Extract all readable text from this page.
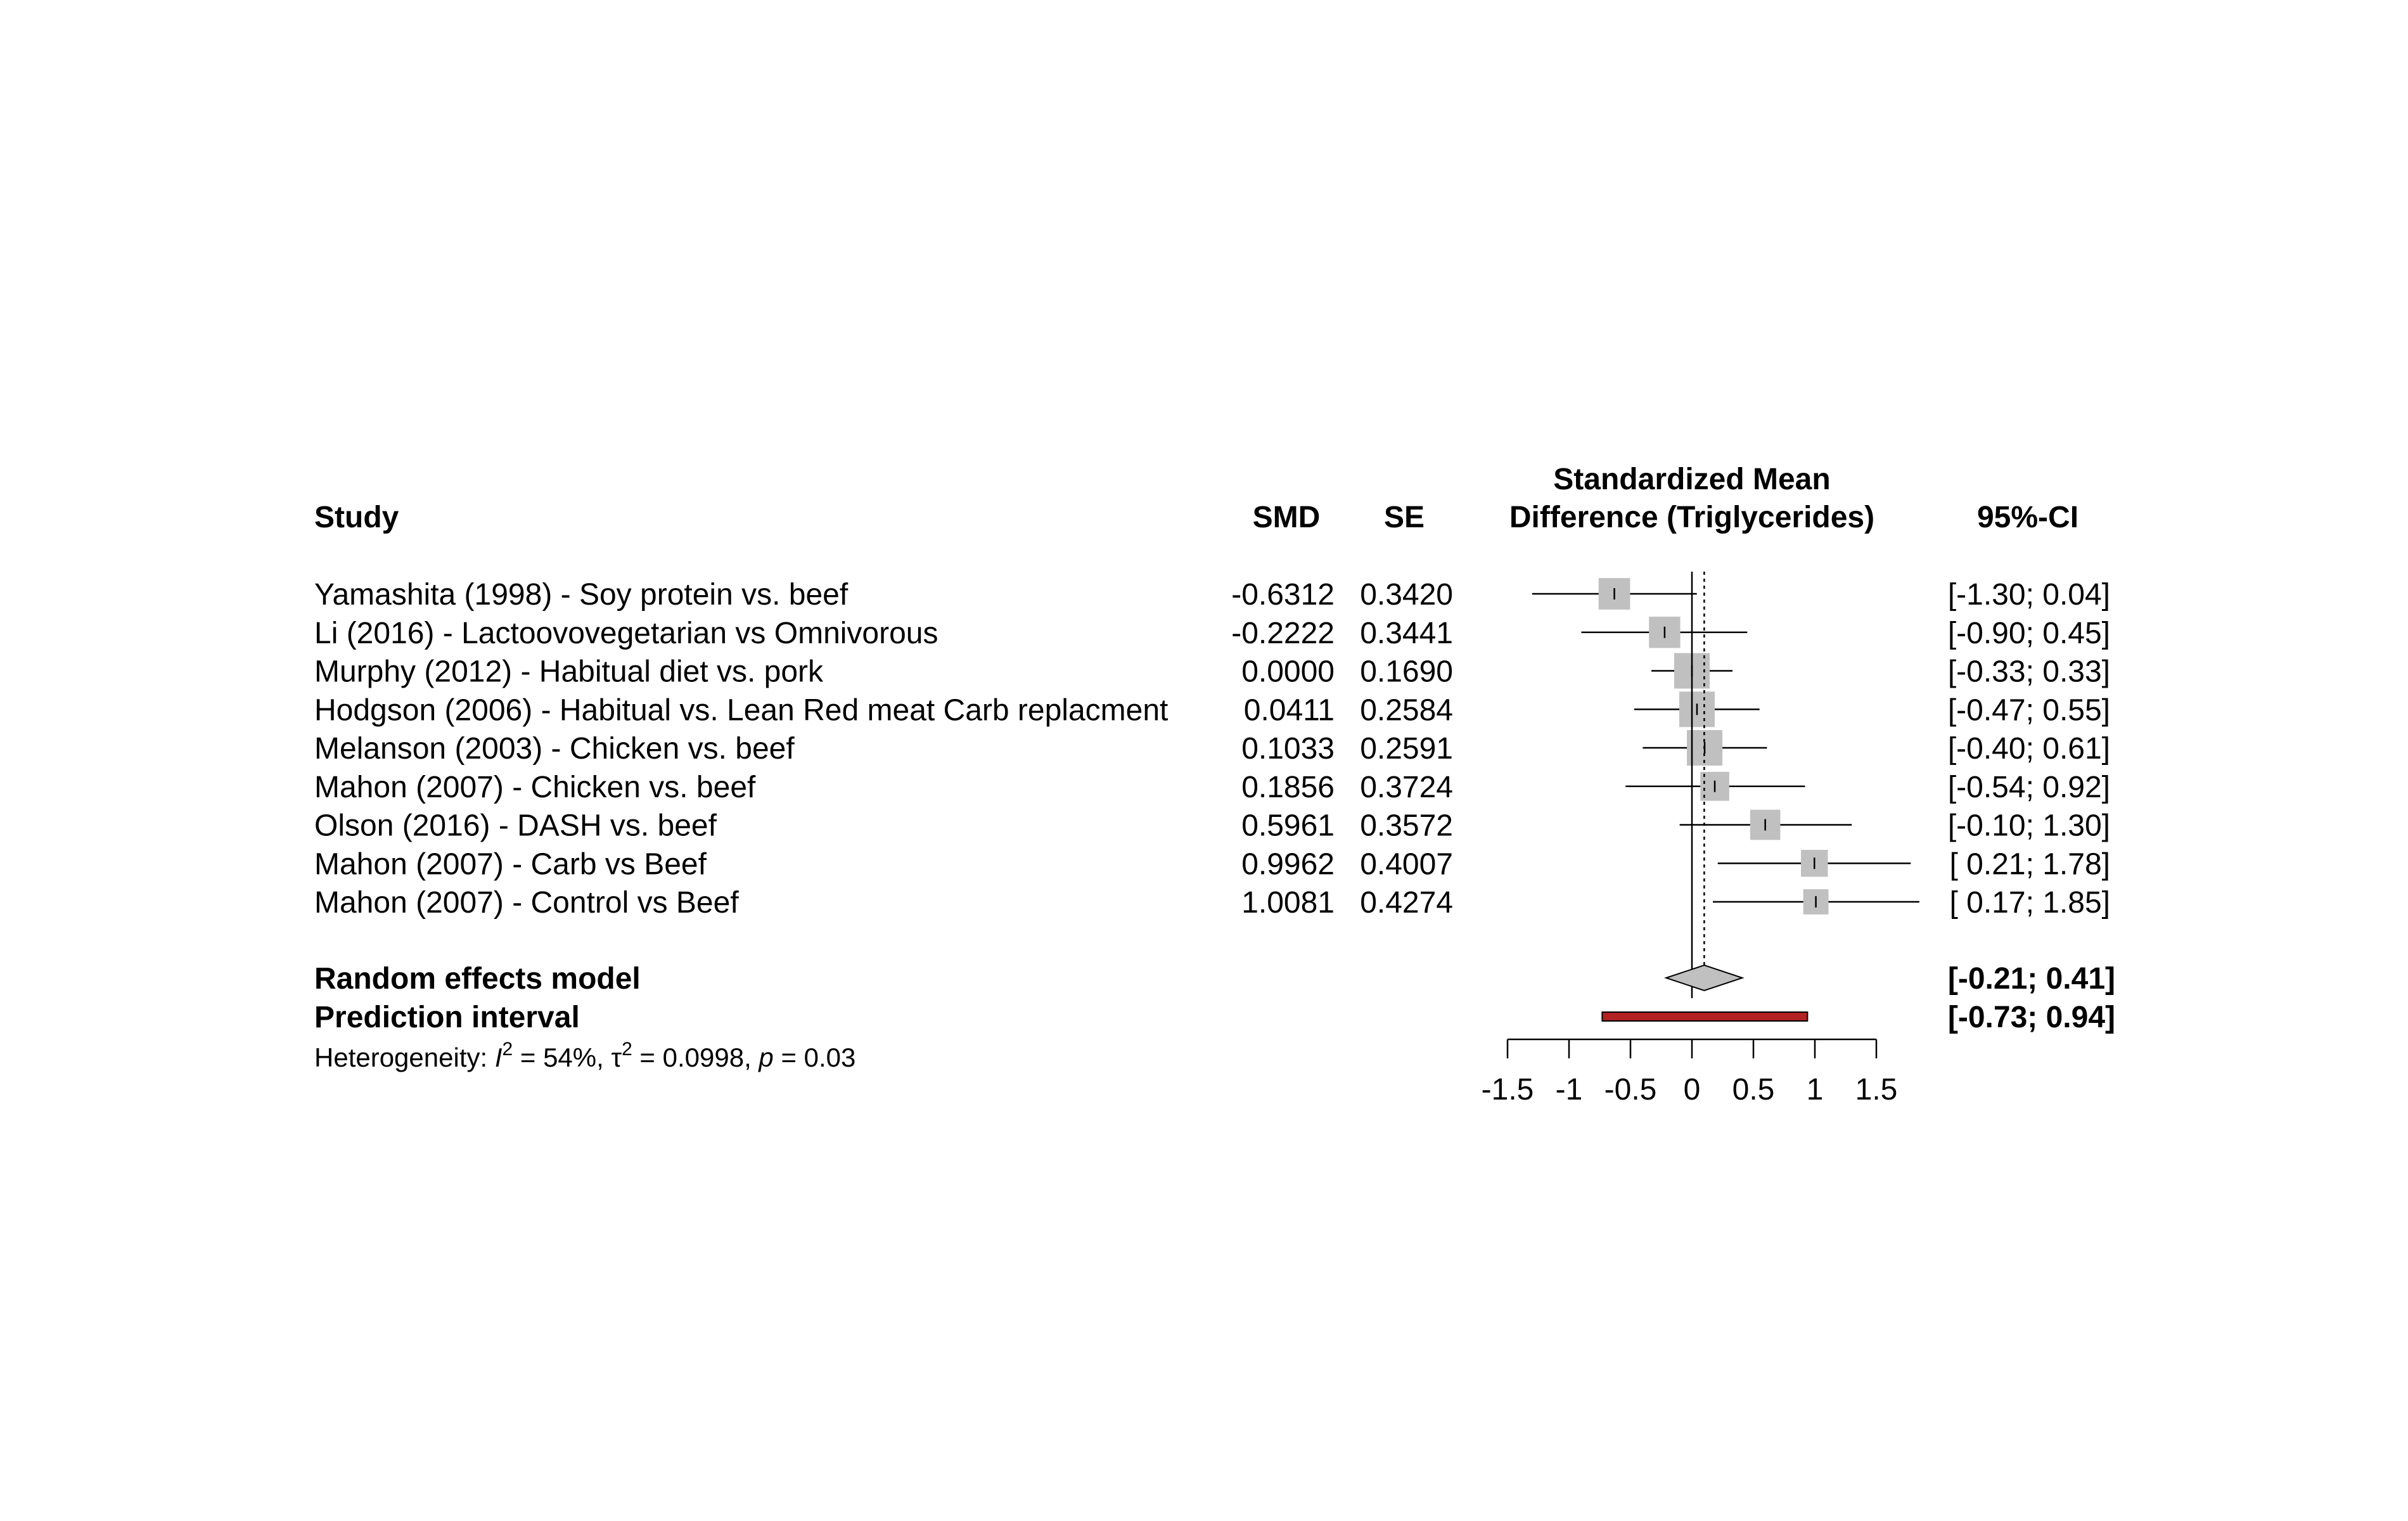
Study	SMD SE
Standardized Mean
Difference (Triglycerides)	95%-CI
Yamashita (1998) - Soy protein vs. beef	-0.6312 0.3420	[-1.30; 0.04]
Li (2016) - Lactoovovegetarian vs Omnivorous	-0.2222 0.3441	[-0.90; 0.45]
Murphy (2012) - Habitual diet vs. pork	0.0000 0.1690	[-0.33; 0.33]
Hodgson (2006) - Habitual vs. Lean Red meat Carb replacment 0.0411 0.2584	[-0.47; 0.55]
Melanson (2003) - Chicken vs. beef	0.1033 0.2591	[-0.40; 0.61]
Mahon (2007) - Chicken vs. beef	0.1856 0.3724	[-0.54; 0.92]
Olson (2016) - DASH vs. beef	0.5961 0.3572	[-0.10; 1.30]
Mahon (2007) - Carb vs Beef	0.9962 0.4007	[ 0.21; 1.78]
Mahon (2007) - Control vs Beef	1.0081 0.4274	[ 0.17; 1.85]
Random effects model	[-0.21; 0.41]
Prediction interval	[-0.73; 0.94]
Heterogeneity: $I^2 = 54\%$, $\tau^2 = 0.0998$, p = 0.03
-1.5 -1 -0.5 0 0.5 1 1.5
